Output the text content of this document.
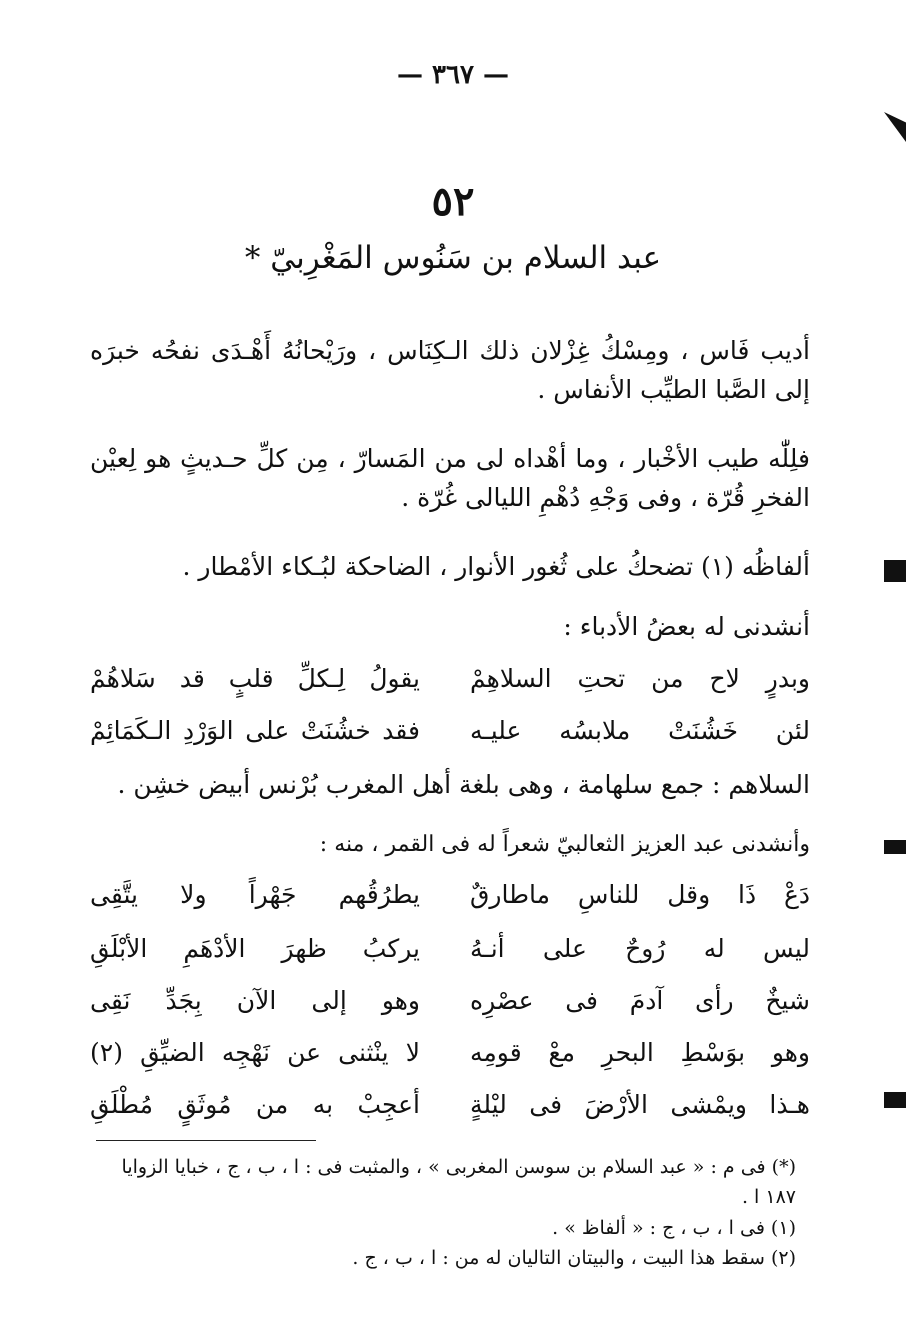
— ٣٦٧ —
٥٢
عبد السلام بن سَنُوس المَغْرِبيّ *
أديب فَاس ، ومِسْكُ غِزْلان ذلك الـكِنَاس ، ورَيْحانُهُ أَهْـدَى نفحُه خبرَه إلى الصَّبا الطيِّب الأنفاس .
فلِلّٰه طيب الأخْبار ، وما أهْداه لى من المَسارّ ، مِن كلِّ حـديثٍ هو لِعيْن الفخرِ قُرّة ، وفى وَجْهِ دُهْمِ الليالى غُرّة .
ألفاظُه (١) تضحكُ على ثُغور الأنوار ، الضاحكة لبُـكاء الأمْطار .
أنشدنى له بعضُ الأدباء :
وبدرٍ لاح من تحتِ السلاهِمْ
يقولُ لِـكلِّ قلبٍ قد سَلاهُمْ
لئن خَشُنَتْ ملابسُه عليـه
فقد خشُنَتْ على الوَرْدِ الـكَمَائِمْ
السلاهم : جمع سلهامة ، وهى بلغة أهل المغرب بُرْنس أبيض خشِن .
وأنشدنى عبد العزيز الثعالبيّ شعراً له فى القمر ، منه :
دَعْ ذَا وقل للناسِ ماطارقٌ
يطرُقُهم جَهْراً ولا يتَّقِى
ليس له رُوحٌ على أنـهُ
يركبُ ظهرَ الأدْهَمِ الأبْلَقِ
شيخٌ رأى آدمَ فى عصْرِه
وهو إلى الآن بِجَدِّ نَقِى
وهو بوَسْطِ البحرِ معْ قومِه
لا ينْثنى عن نَهْجِه الضيِّقِ (٢)
هـذا ويمْشى الأرْضَ فى ليْلةٍ
أعجِبْ به من مُوثَقٍ مُطْلَقِ
(*) فى م : « عبد السلام بن سوسن المغربى » ، والمثبت فى : ا ، ب ، ج ، خبايا الزوايا ١٨٧ ا .
(١) فى ا ، ب ، ج : « ألفاظ » .
(٢) سقط هذا البيت ، والبيتان التاليان له من : ا ، ب ، ج .
